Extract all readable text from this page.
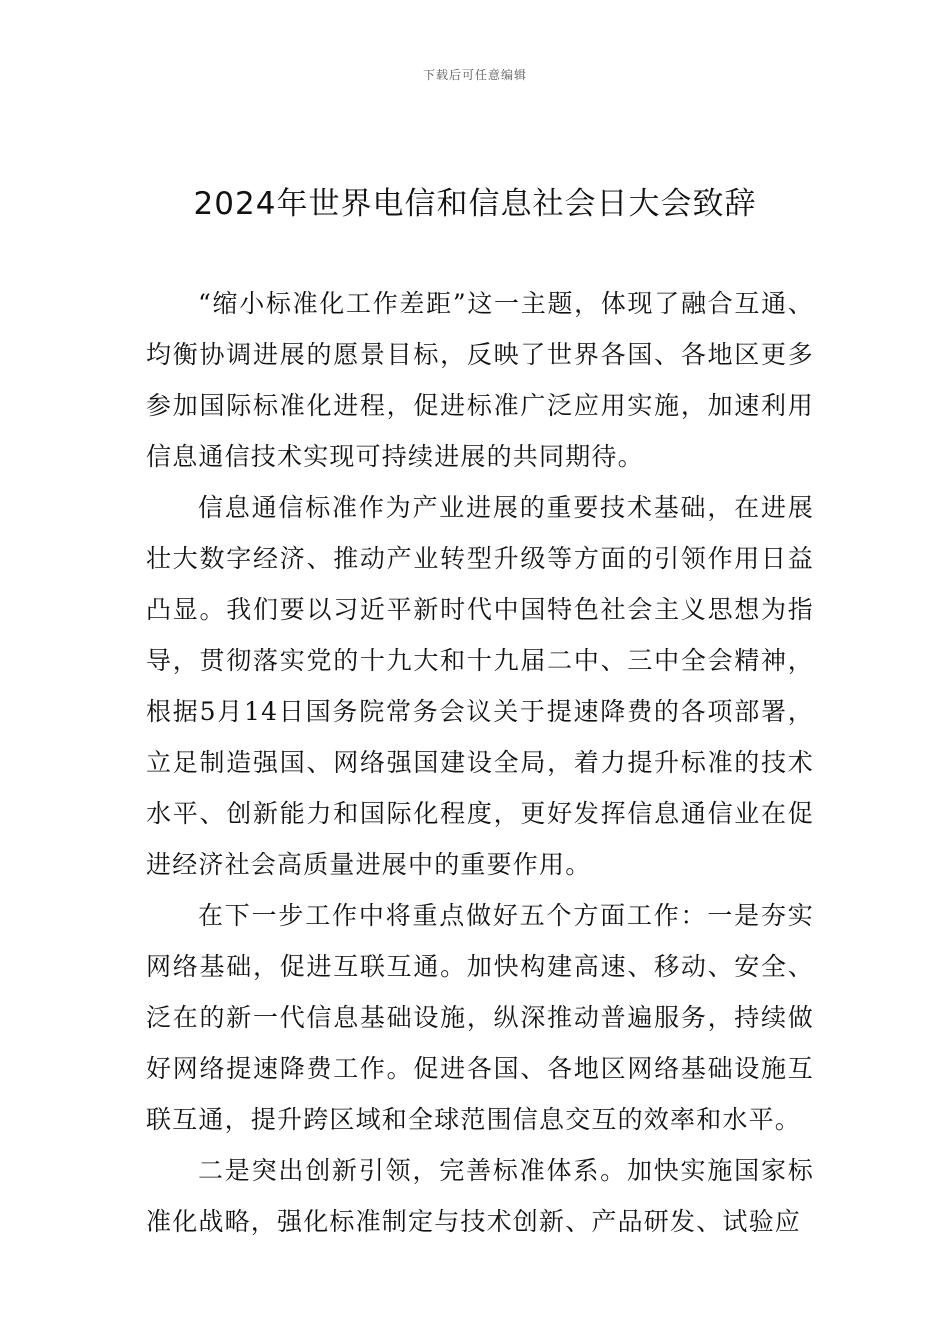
下载后可任意编辑
2024年世界电信和信息社会日大会致辞

“缩小标准化工作差距”这一主题，体现了融合互通、均衡协调进展的愿景目标，反映了世界各国、各地区更多参加国际标准化进程，促进标准广泛应用实施，加速利用信息通信技术实现可持续进展的共同期待。

信息通信标准作为产业进展的重要技术基础，在进展壮大数字经济、推动产业转型升级等方面的引领作用日益凸显。我们要以习近平新时代中国特色社会主义思想为指导，贯彻落实党的十九大和十九届二中、三中全会精神，根据5月14日国务院常务会议关于提速降费的各项部署，立足制造强国、网络强国建设全局，着力提升标准的技术水平、创新能力和国际化程度，更好发挥信息通信业在促进经济社会高质量进展中的重要作用。

在下一步工作中将重点做好五个方面工作：一是夯实网络基础，促进互联互通。加快构建高速、移动、安全、泛在的新一代信息基础设施，纵深推动普遍服务，持续做好网络提速降费工作。促进各国、各地区网络基础设施互联互通，提升跨区域和全球范围信息交互的效率和水平。

二是突出创新引领，完善标准体系。加快实施国家标准化战略，强化标准制定与技术创新、产品研发、试验应
